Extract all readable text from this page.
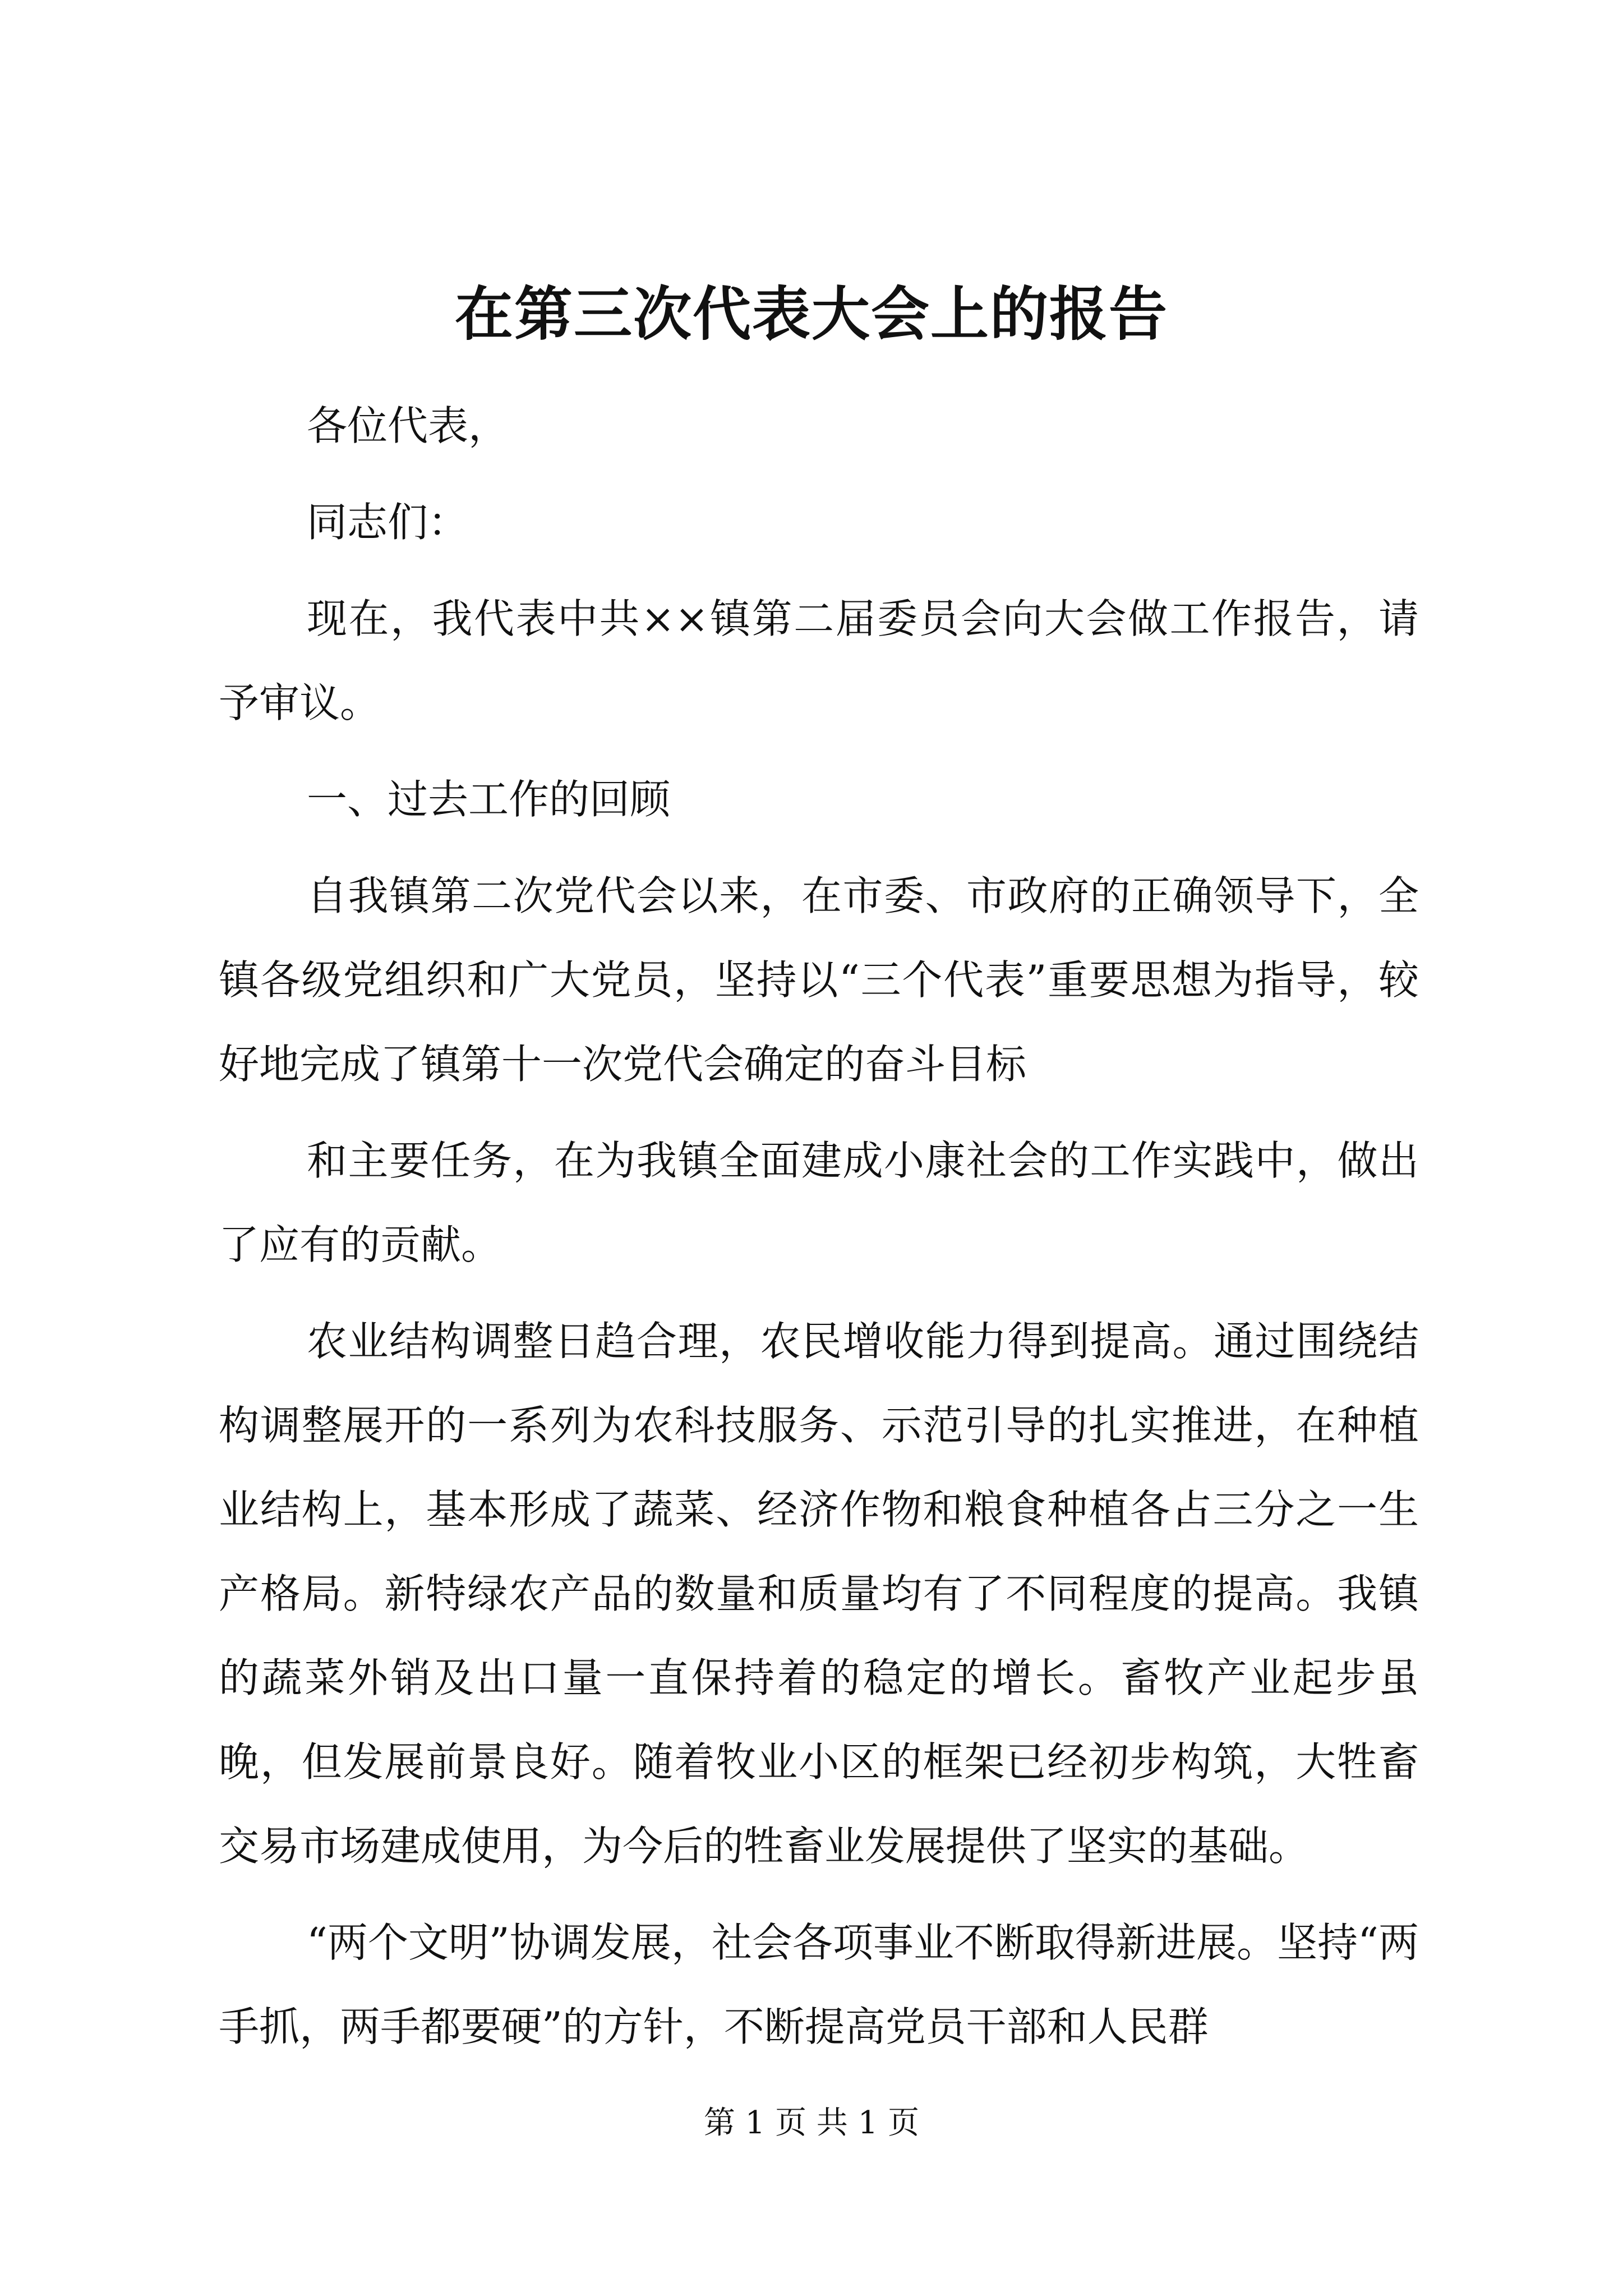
在第三次代表大会上的报告

各位代表，

同志们：

现在，我代表中共××镇第二届委员会向大会做工作报告，请予审议。

一、过去工作的回顾

自我镇第二次党代会以来，在市委、市政府的正确领导下，全镇各级党组织和广大党员，坚持以“三个代表”重要思想为指导，较好地完成了镇第十一次党代会确定的奋斗目标

和主要任务，在为我镇全面建成小康社会的工作实践中，做出了应有的贡献。

农业结构调整日趋合理，农民增收能力得到提高。通过围绕结构调整展开的一系列为农科技服务、示范引导的扎实推进，在种植业结构上，基本形成了蔬菜、经济作物和粮食种植各占三分之一生产格局。新特绿农产品的数量和质量均有了不同程度的提高。我镇的蔬菜外销及出口量一直保持着的稳定的增长。畜牧产业起步虽晚，但发展前景良好。随着牧业小区的框架已经初步构筑，大牲畜交易市场建成使用，为今后的牲畜业发展提供了坚实的基础。

“两个文明”协调发展，社会各项事业不断取得新进展。坚持“两手抓，两手都要硬”的方针，不断提高党员干部和人民群

第 1 页 共 1 页
